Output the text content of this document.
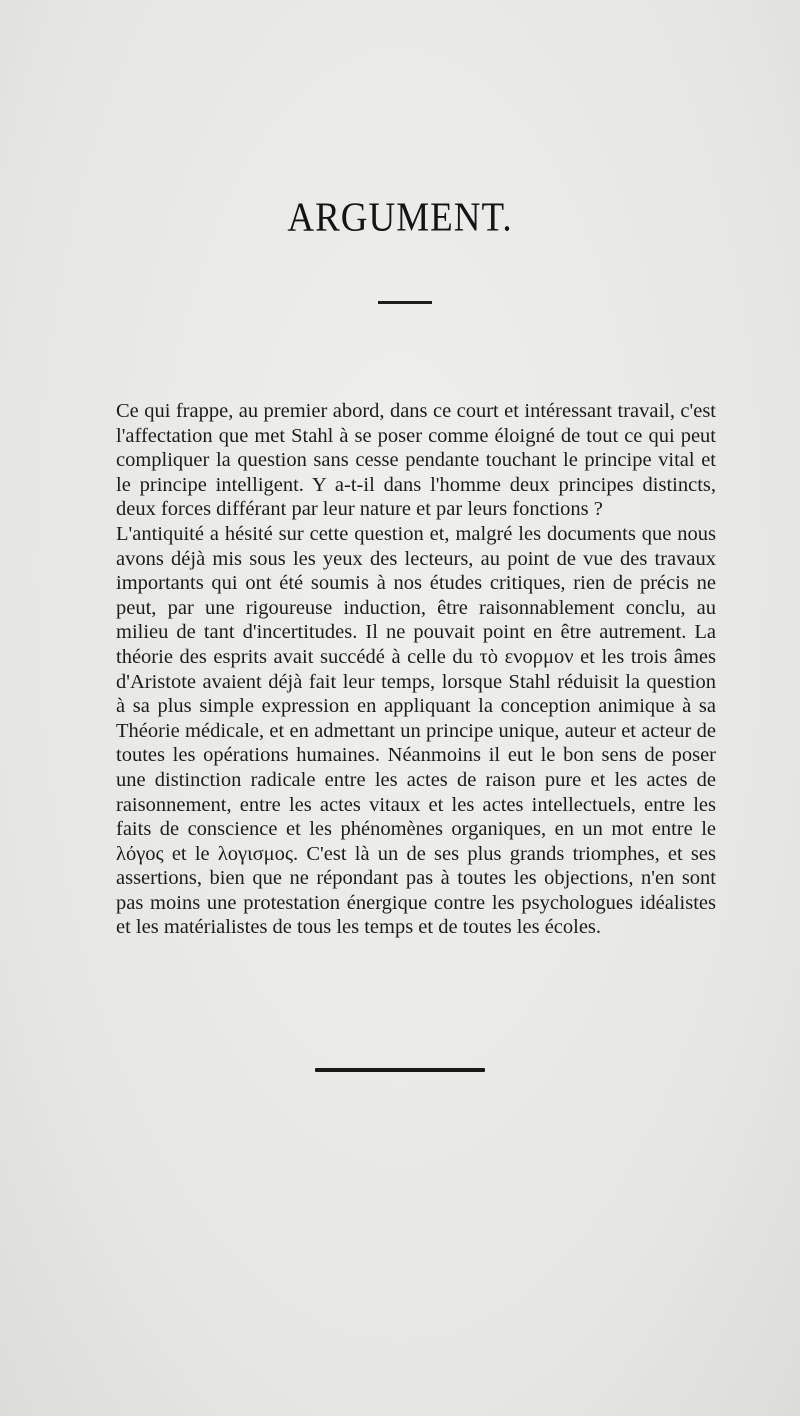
ARGUMENT.

Ce qui frappe, au premier abord, dans ce court et intéressant travail, c'est l'affectation que met Stahl à se poser comme éloigné de tout ce qui peut compliquer la question sans cesse pendante touchant le principe vital et le principe intelligent. Y a-t-il dans l'homme deux principes distincts, deux forces différant par leur nature et par leurs fonctions ?

L'antiquité a hésité sur cette question et, malgré les documents que nous avons déjà mis sous les yeux des lecteurs, au point de vue des travaux importants qui ont été soumis à nos études critiques, rien de précis ne peut, par une rigoureuse induction, être raisonnablement conclu, au milieu de tant d'incertitudes. Il ne pouvait point en être autrement. La théorie des esprits avait succédé à celle du τὸ ενορμον et les trois âmes d'Aristote avaient déjà fait leur temps, lorsque Stahl réduisit la question à sa plus simple expression en appliquant la conception animique à sa Théorie médicale, et en admettant un principe unique, auteur et acteur de toutes les opérations humaines. Néanmoins il eut le bon sens de poser une distinction radicale entre les actes de raison pure et les actes de raisonnement, entre les actes vitaux et les actes intellectuels, entre les faits de conscience et les phénomènes organiques, en un mot entre le λόγος et le λογισμος. C'est là un de ses plus grands triomphes, et ses assertions, bien que ne répondant pas à toutes les objections, n'en sont pas moins une protestation énergique contre les psychologues idéalistes et les matérialistes de tous les temps et de toutes les écoles.
